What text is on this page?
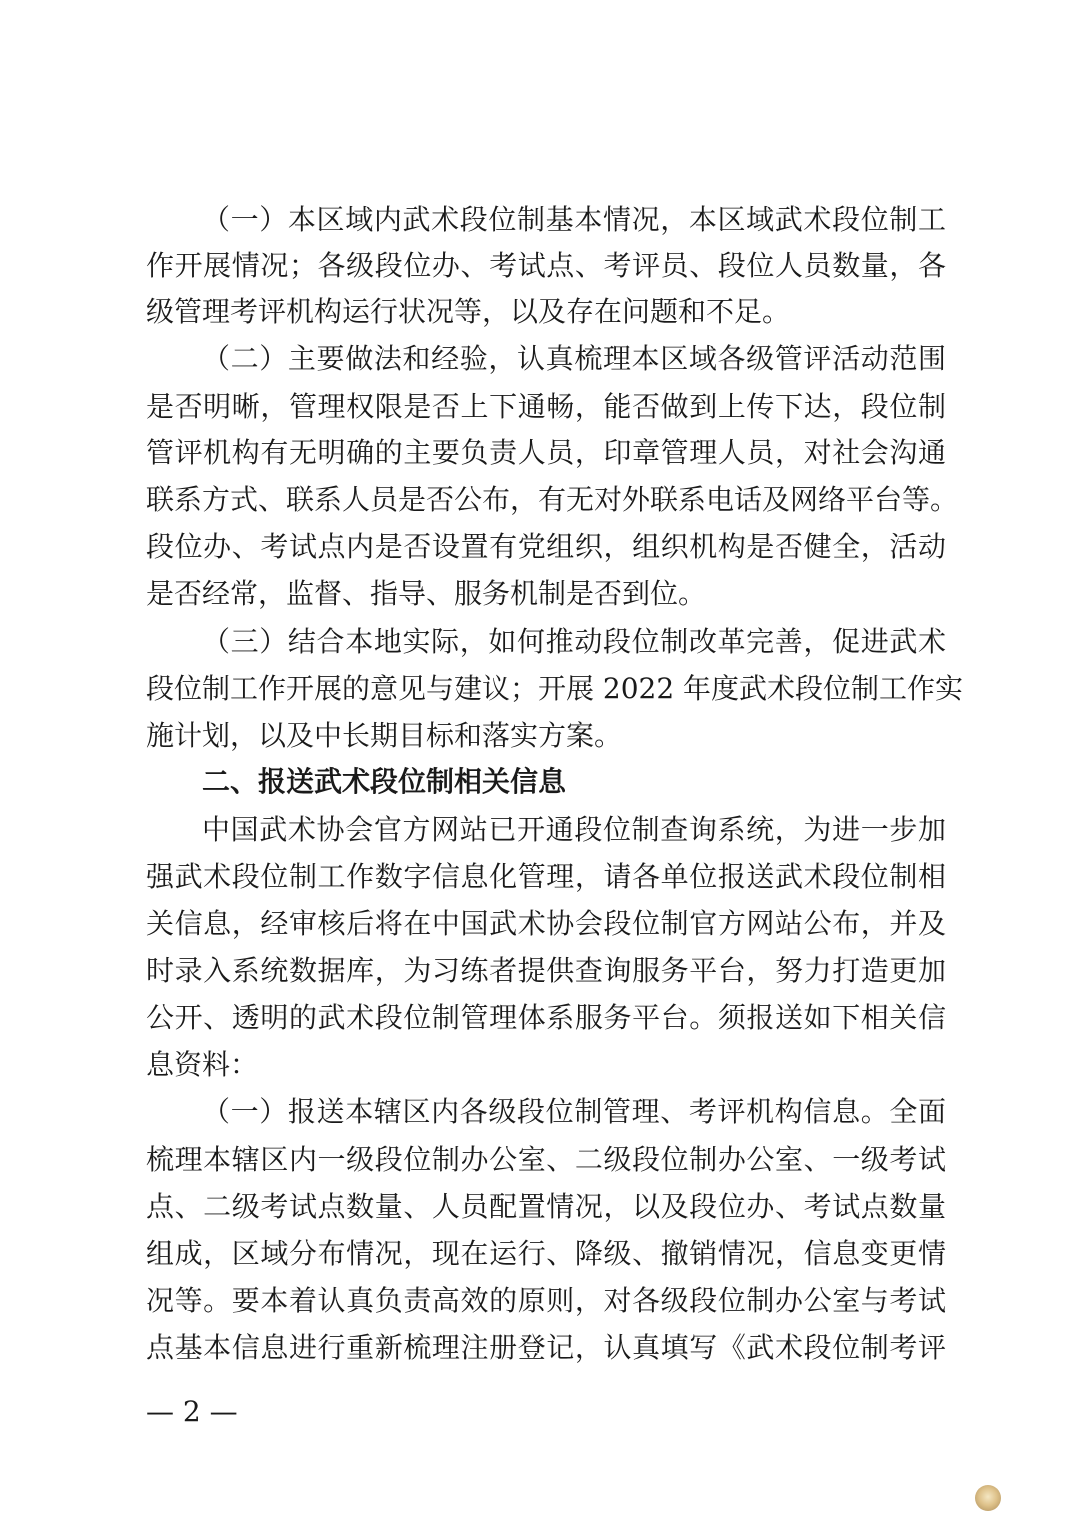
（一）本区域内武术段位制基本情况，本区域武术段位制工
作开展情况；各级段位办、考试点、考评员、段位人员数量，各
级管理考评机构运行状况等，以及存在问题和不足。
（二）主要做法和经验，认真梳理本区域各级管评活动范围
是否明晰，管理权限是否上下通畅，能否做到上传下达，段位制
管评机构有无明确的主要负责人员，印章管理人员，对社会沟通
联系方式、联系人员是否公布，有无对外联系电话及网络平台等。
段位办、考试点内是否设置有党组织，组织机构是否健全，活动
是否经常，监督、指导、服务机制是否到位。
（三）结合本地实际，如何推动段位制改革完善，促进武术
段位制工作开展的意见与建议；开展 2022 年度武术段位制工作实
施计划，以及中长期目标和落实方案。
二、报送武术段位制相关信息
中国武术协会官方网站已开通段位制查询系统，为进一步加
强武术段位制工作数字信息化管理，请各单位报送武术段位制相
关信息，经审核后将在中国武术协会段位制官方网站公布，并及
时录入系统数据库，为习练者提供查询服务平台，努力打造更加
公开、透明的武术段位制管理体系服务平台。须报送如下相关信
息资料：
（一）报送本辖区内各级段位制管理、考评机构信息。全面
梳理本辖区内一级段位制办公室、二级段位制办公室、一级考试
点、二级考试点数量、人员配置情况，以及段位办、考试点数量
组成，区域分布情况，现在运行、降级、撤销情况，信息变更情
况等。要本着认真负责高效的原则，对各级段位制办公室与考试
点基本信息进行重新梳理注册登记，认真填写《武术段位制考评
— 2 —
